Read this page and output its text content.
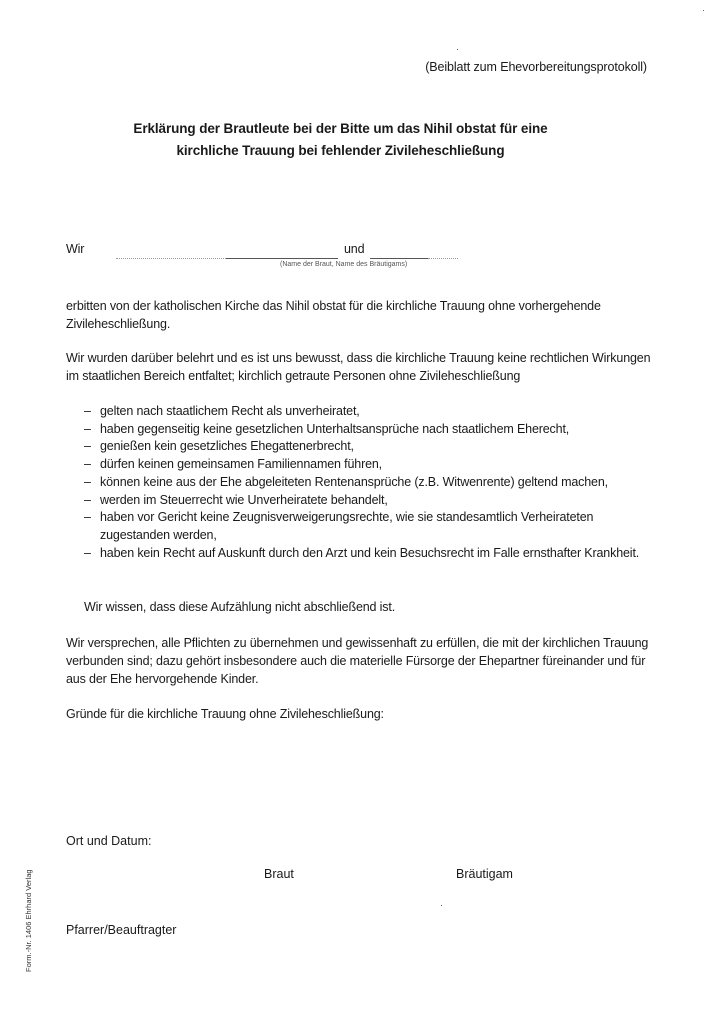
(Beiblatt zum Ehevorbereitungsprotokoll)
Erklärung der Brautleute bei der Bitte um das Nihil obstat für eine
kirchliche Trauung bei fehlender Zivileheschließung
Wir	und
(Name der Braut, Name des Bräutigams)
erbitten von der katholischen Kirche das Nihil obstat für die kirchliche Trauung ohne vorhergehende Zivileheschließung.
Wir wurden darüber belehrt und es ist uns bewusst, dass die kirchliche Trauung keine rechtlichen Wirkungen im staatlichen Bereich entfaltet; kirchlich getraute Personen ohne Zivileheschließung
– gelten nach staatlichem Recht als unverheiratet,
– haben gegenseitig keine gesetzlichen Unterhaltsansprüche nach staatlichem Eherecht,
– genießen kein gesetzliches Ehegattenerbrecht,
– dürfen keinen gemeinsamen Familiennamen führen,
– können keine aus der Ehe abgeleiteten Rentenansprüche (z.B. Witwenrente) geltend machen,
– werden im Steuerrecht wie Unverheiratete behandelt,
– haben vor Gericht keine Zeugnisverweigerungsrechte, wie sie standesamtlich Verheirateten zugestanden werden,
– haben kein Recht auf Auskunft durch den Arzt und kein Besuchsrecht im Falle ernsthafter Krankheit.
Wir wissen, dass diese Aufzählung nicht abschließend ist.
Wir versprechen, alle Pflichten zu übernehmen und gewissenhaft zu erfüllen, die mit der kirchlichen Trauung verbunden sind; dazu gehört insbesondere auch die materielle Fürsorge der Ehepartner füreinander und für aus der Ehe hervorgehende Kinder.
Gründe für die kirchliche Trauung ohne Zivileheschließung:
Ort und Datum:
Braut	Bräutigam
Pfarrer/Beauftragter
Form.-Nr. 1406 Ehrhard Verlag
